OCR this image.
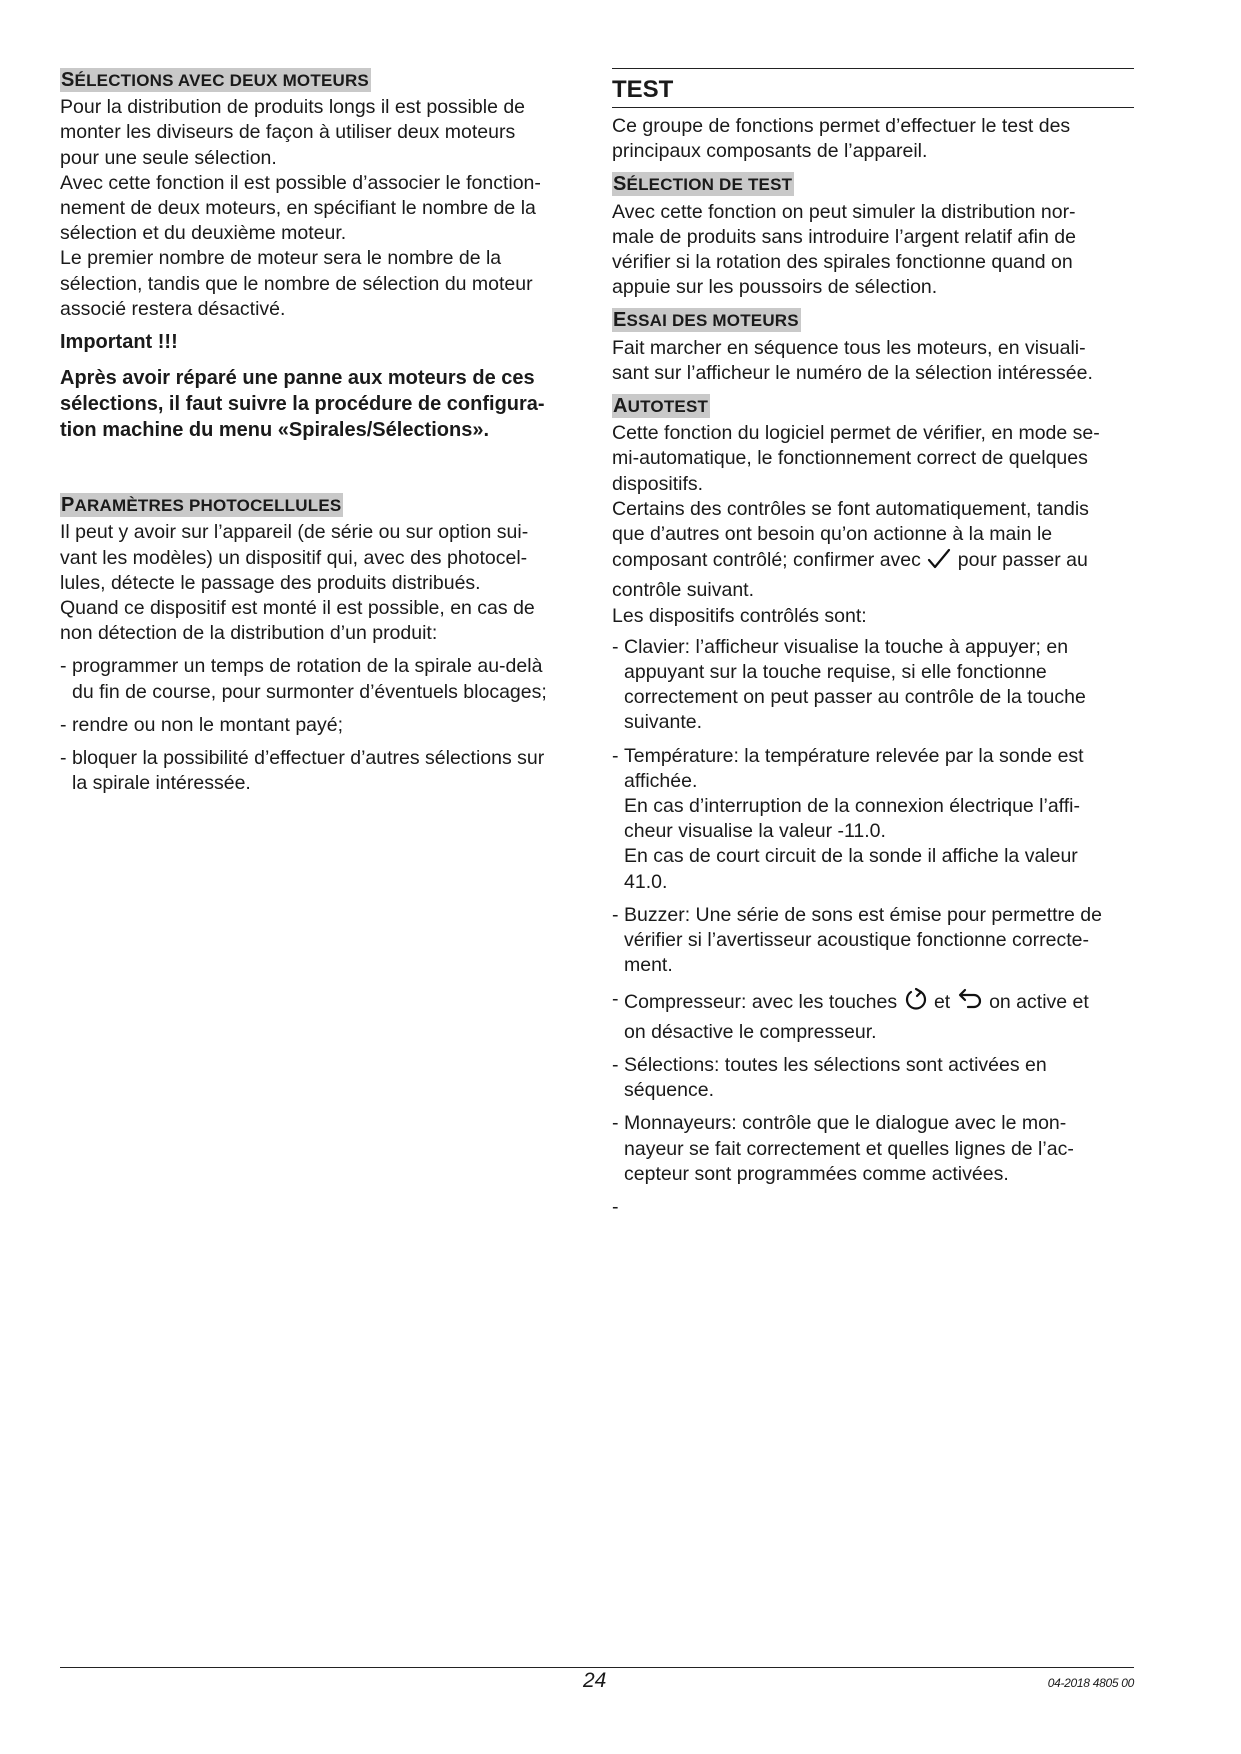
SÉLECTIONS AVEC DEUX MOTEURS

Pour la distribution de produits longs il est possible de
monter les diviseurs de façon à utiliser deux moteurs
pour une seule sélection.
Avec cette fonction il est possible d’associer le fonction-
nement de deux moteurs, en spécifiant le nombre de la
sélection et du deuxième moteur.
Le premier nombre de moteur sera le nombre de la
sélection, tandis que le nombre de sélection du moteur
associé restera désactivé.

Important !!!

Après avoir réparé une panne aux moteurs de ces
sélections, il faut suivre la procédure de configura-
tion machine du menu «Spirales/Sélections».

PARAMÈTRES PHOTOCELLULES

Il peut y avoir sur l’appareil (de série ou sur option sui-
vant les modèles) un dispositif qui, avec des photocel-
lules, détecte le passage des produits distribués.
Quand ce dispositif est monté il est possible, en cas de
non détection de la distribution d’un produit:

- programmer un temps de rotation de la spirale au-delà
du fin de course, pour surmonter d’éventuels blocages;
- rendre ou non le montant payé;
- bloquer la possibilité d’effectuer d’autres sélections sur
la spirale intéressée.

TEST

Ce groupe de fonctions permet d’effectuer le test des
principaux composants de l’appareil.

SÉLECTION DE TEST

Avec cette fonction on peut simuler la distribution nor-
male de produits sans introduire l’argent relatif afin de
vérifier si la rotation des spirales fonctionne quand on
appuie sur les poussoirs de sélection.

ESSAI DES MOTEURS

Fait marcher en séquence tous les moteurs, en visuali-
sant sur l’afficheur le numéro de la sélection intéressée.

AUTOTEST

Cette fonction du logiciel permet de vérifier, en mode se-
mi-automatique, le fonctionnement correct de quelques
dispositifs.
Certains des contrôles se font automatiquement, tandis
que d’autres ont besoin qu’on actionne à la main le

composant contrôlé; confirmer avec  pour passer au

contrôle suivant.
Les dispositifs contrôlés sont:

- Clavier: l’afficheur visualise la touche à appuyer; en
appuyant sur la touche requise, si elle fonctionne
correctement on peut passer au contrôle de la touche
suivante.
- Température: la température relevée par la sonde est
affichée.
En cas d’interruption de la connexion électrique l’affi-
cheur visualise la valeur -11.0.
En cas de court circuit de la sonde il affiche la valeur
41.0.
- Buzzer: Une série de sons est émise pour permettre de
vérifier si l’avertisseur acoustique fonctionne correcte-
ment.
- Compresseur: avec les touches  et  on active et
on désactive le compresseur.
- Sélections: toutes les sélections sont activées en
séquence.
- Monnayeurs: contrôle que le dialogue avec le mon-
nayeur se fait correctement et quelles lignes de l’ac-
cepteur sont programmées comme activées.

-

24	04-2018 4805 00
